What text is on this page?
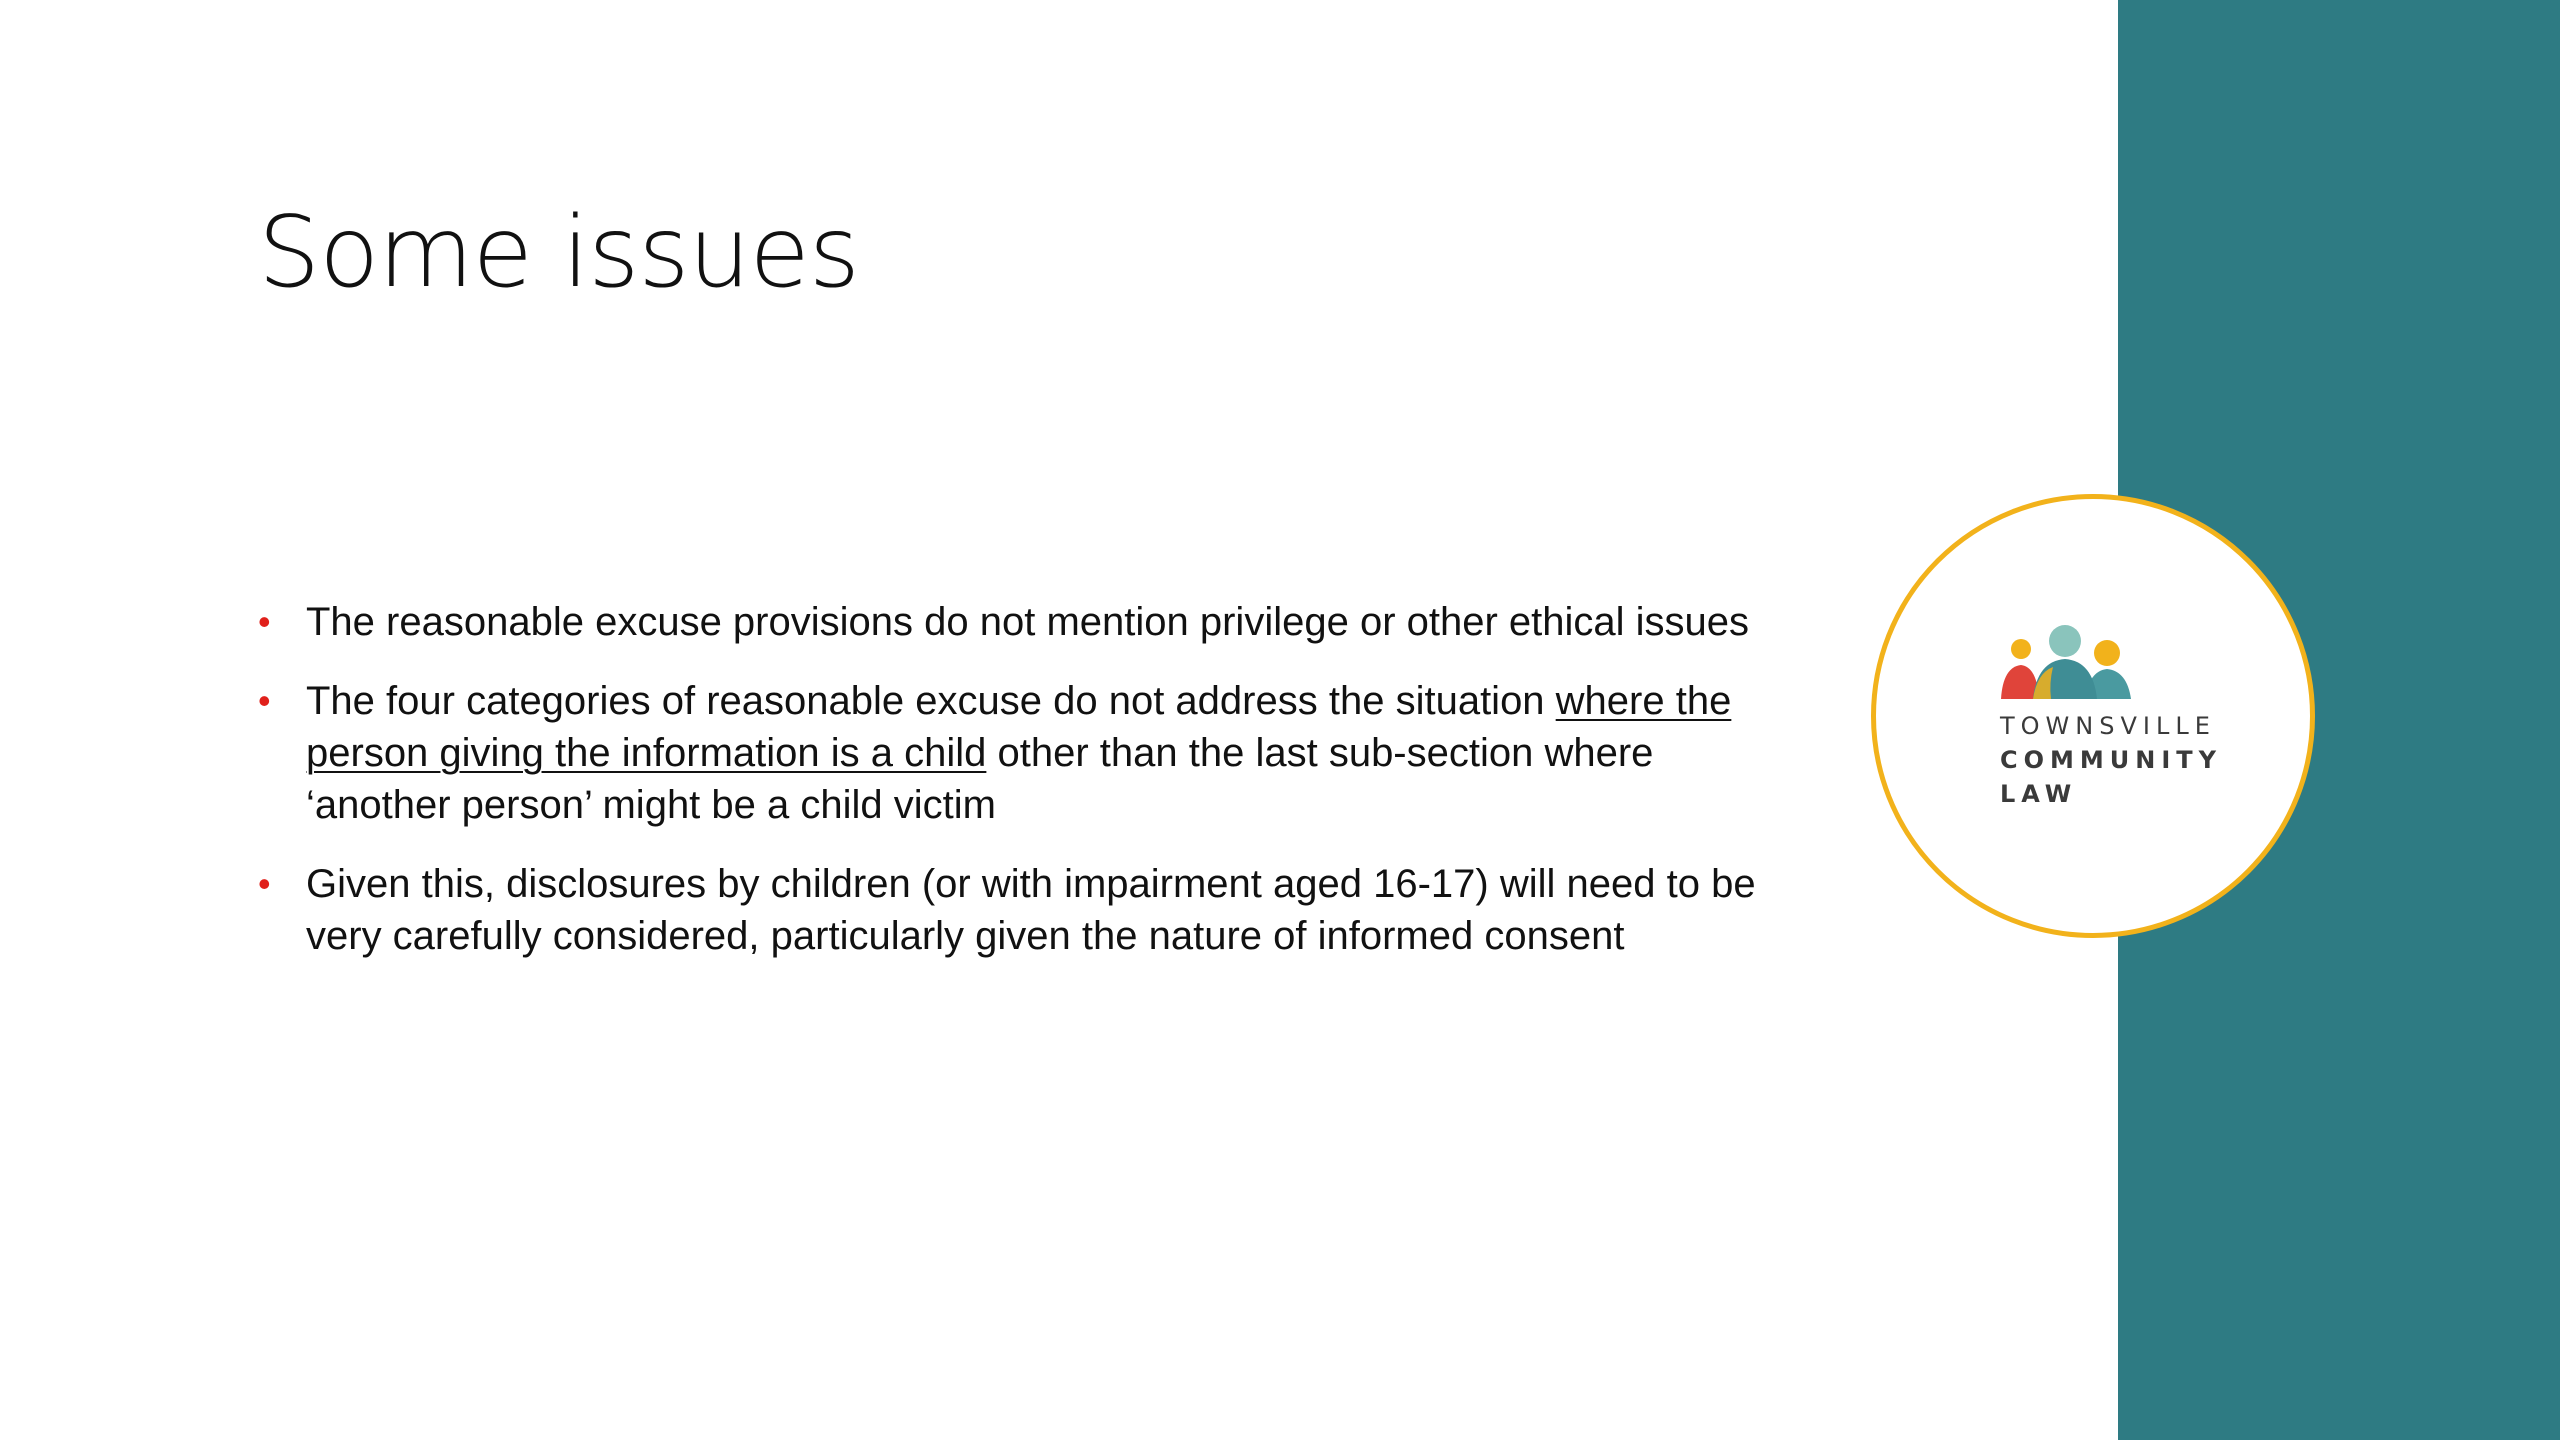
Some issues
• The reasonable excuse provisions do not mention privilege or other ethical issues
• The four categories of reasonable excuse do not address the situation where the person giving the information is a child other than the last sub-section where ‘another person’ might be a child victim
• Given this, disclosures by children (or with impairment aged 16-17) will need to be very carefully considered, particularly given the nature of informed consent
TOWNSVILLE
COMMUNITY
LAW
